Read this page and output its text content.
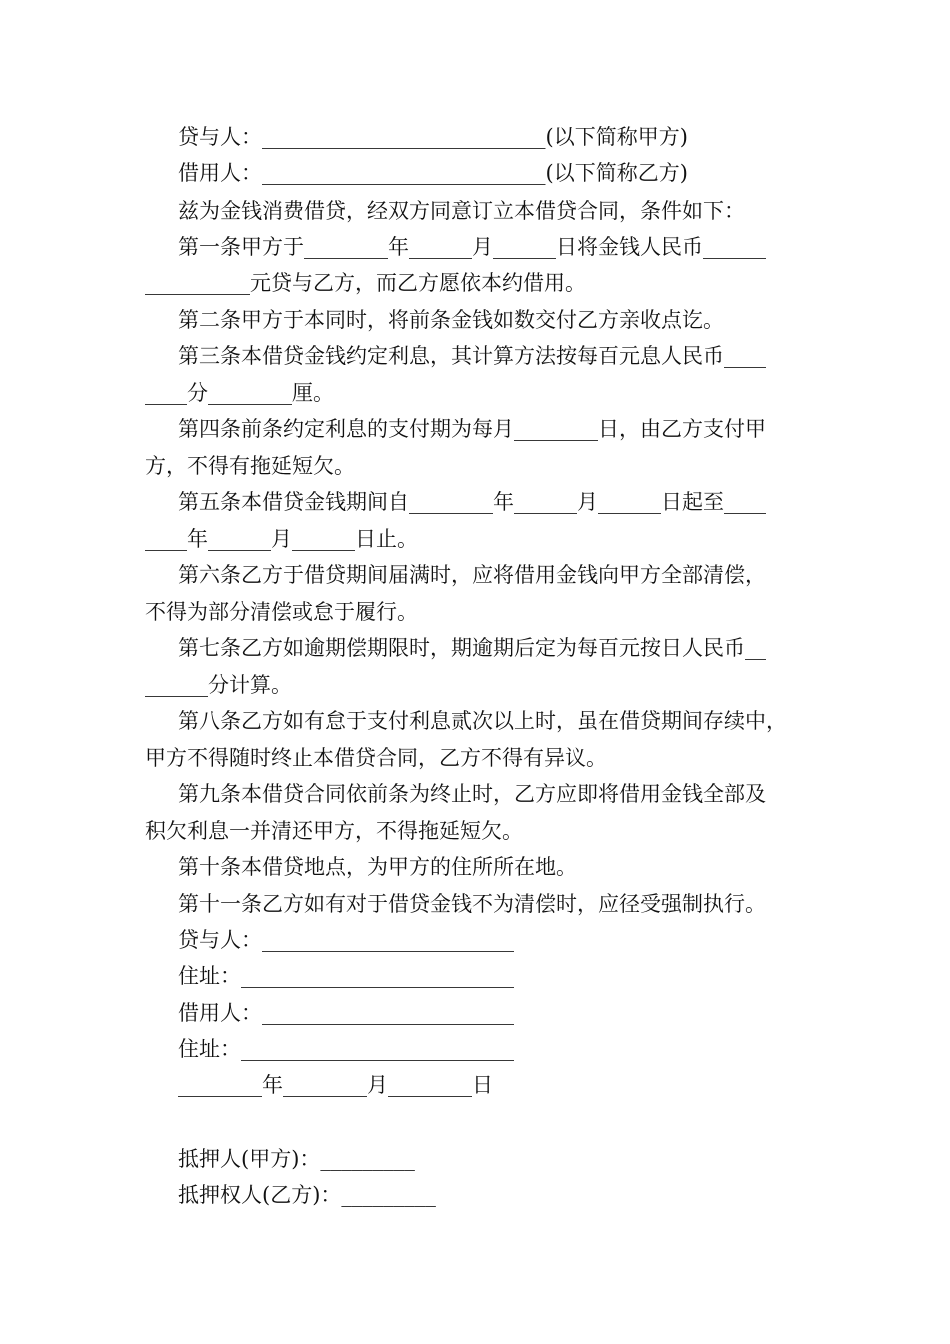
贷与人：___________________________(以下简称甲方)
借用人：___________________________(以下简称乙方)
兹为金钱消费借贷，经双方同意订立本借贷合同，条件如下：
第一条甲方于________年______月______日将金钱人民币______
__________元贷与乙方，而乙方愿依本约借用。
第二条甲方于本同时，将前条金钱如数交付乙方亲收点讫。
第三条本借贷金钱约定利息，其计算方法按每百元息人民币____
____分________厘。
第四条前条约定利息的支付期为每月________日，由乙方支付甲
方，不得有拖延短欠。
第五条本借贷金钱期间自________年______月______日起至____
____年______月______日止。
第六条乙方于借贷期间届满时，应将借用金钱向甲方全部清偿，
不得为部分清偿或怠于履行。
第七条乙方如逾期偿期限时，期逾期后定为每百元按日人民币__
______分计算。
第八条乙方如有怠于支付利息贰次以上时，虽在借贷期间存续中，
甲方不得随时终止本借贷合同，乙方不得有异议。
第九条本借贷合同依前条为终止时，乙方应即将借用金钱全部及
积欠利息一并清还甲方，不得拖延短欠。
第十条本借贷地点，为甲方的住所所在地。
第十一条乙方如有对于借贷金钱不为清偿时，应径受强制执行。
贷与人：________________________
住址：__________________________
借用人：________________________
住址：__________________________
________年________月________日
抵押人(甲方)：_________
抵押权人(乙方)：_________
